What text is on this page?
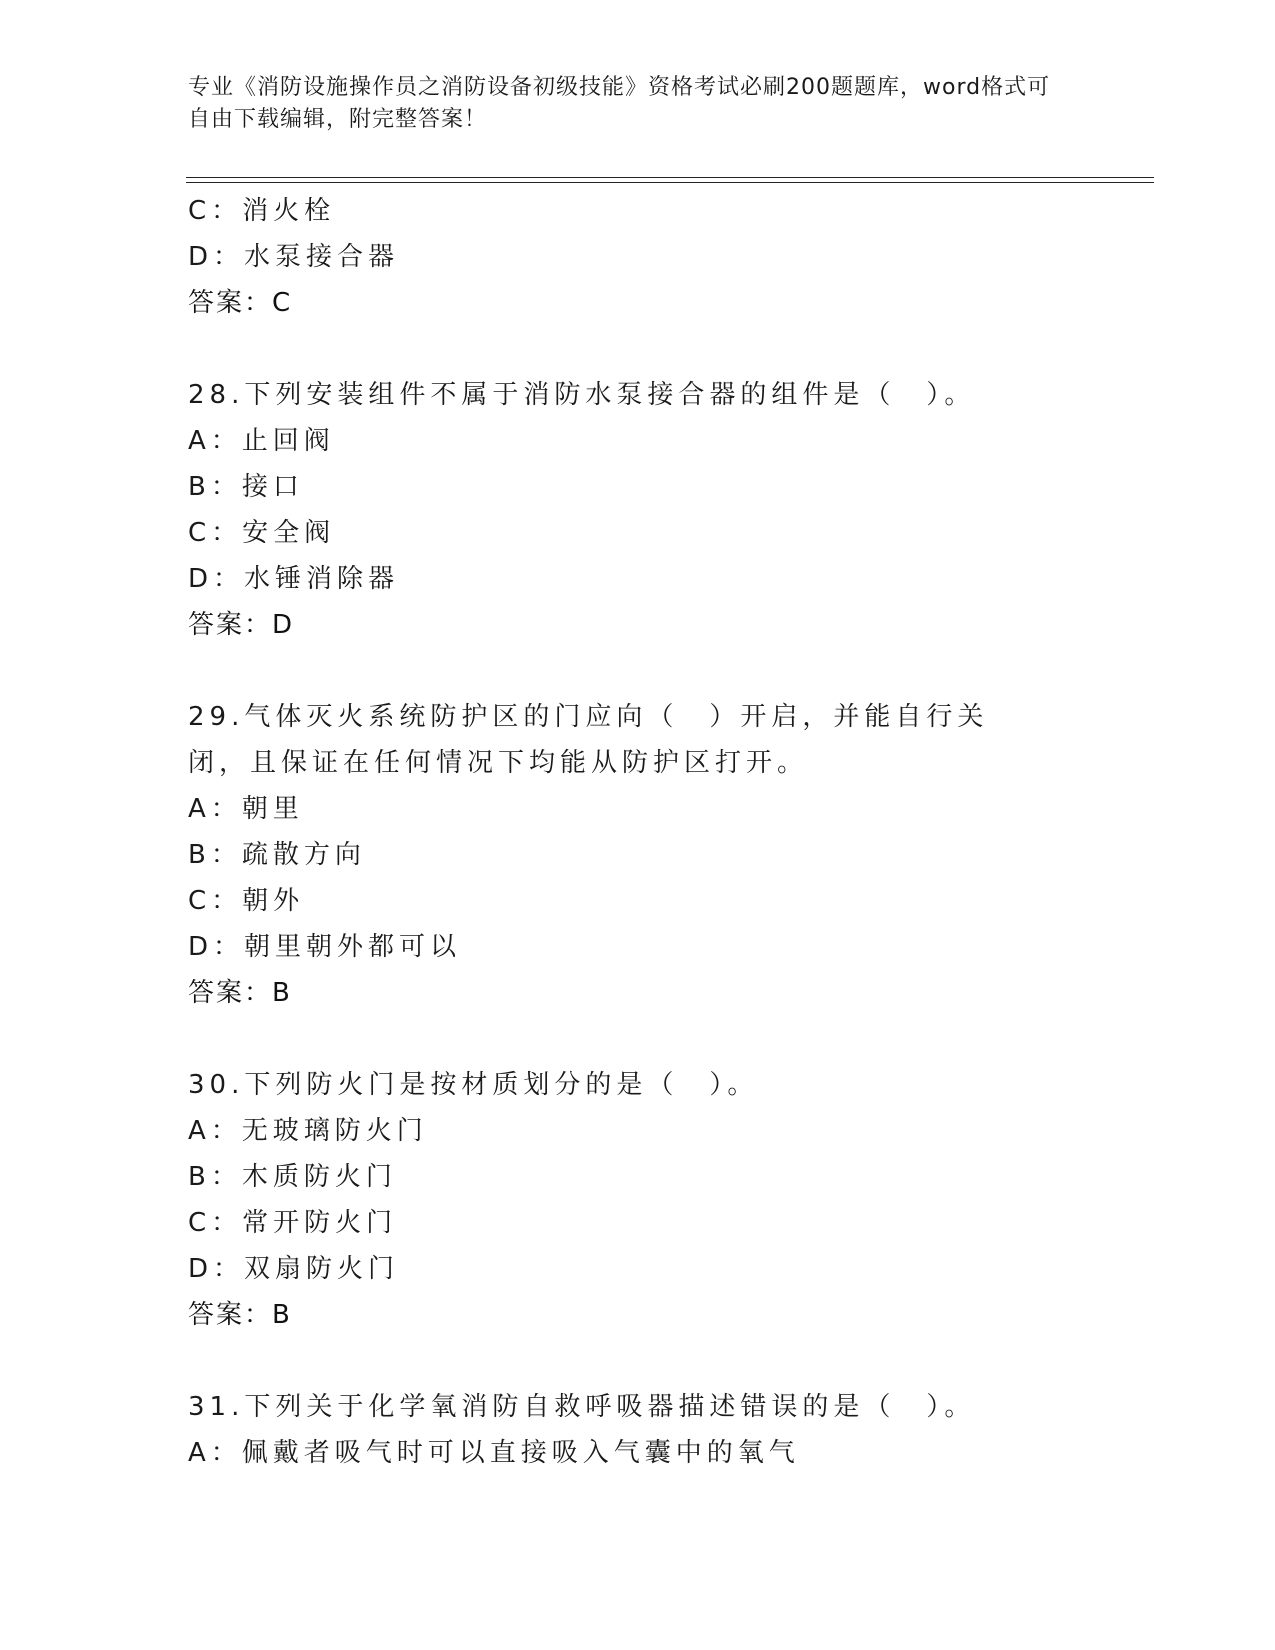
专业《消防设施操作员之消防设备初级技能》资格考试必刷200题题库，word格式可自由下载编辑，附完整答案！
C：消火栓
D：水泵接合器
答案：C
28.下列安装组件不属于消防水泵接合器的组件是（　）。
A：止回阀
B：接口
C：安全阀
D：水锤消除器
答案：D
29.气体灭火系统防护区的门应向（　）开启，并能自行关闭，且保证在任何情况下均能从防护区打开。
A：朝里
B：疏散方向
C：朝外
D：朝里朝外都可以
答案：B
30.下列防火门是按材质划分的是（　）。
A：无玻璃防火门
B：木质防火门
C：常开防火门
D：双扇防火门
答案：B
31.下列关于化学氧消防自救呼吸器描述错误的是（　）。
A：佩戴者吸气时可以直接吸入气囊中的氧气
